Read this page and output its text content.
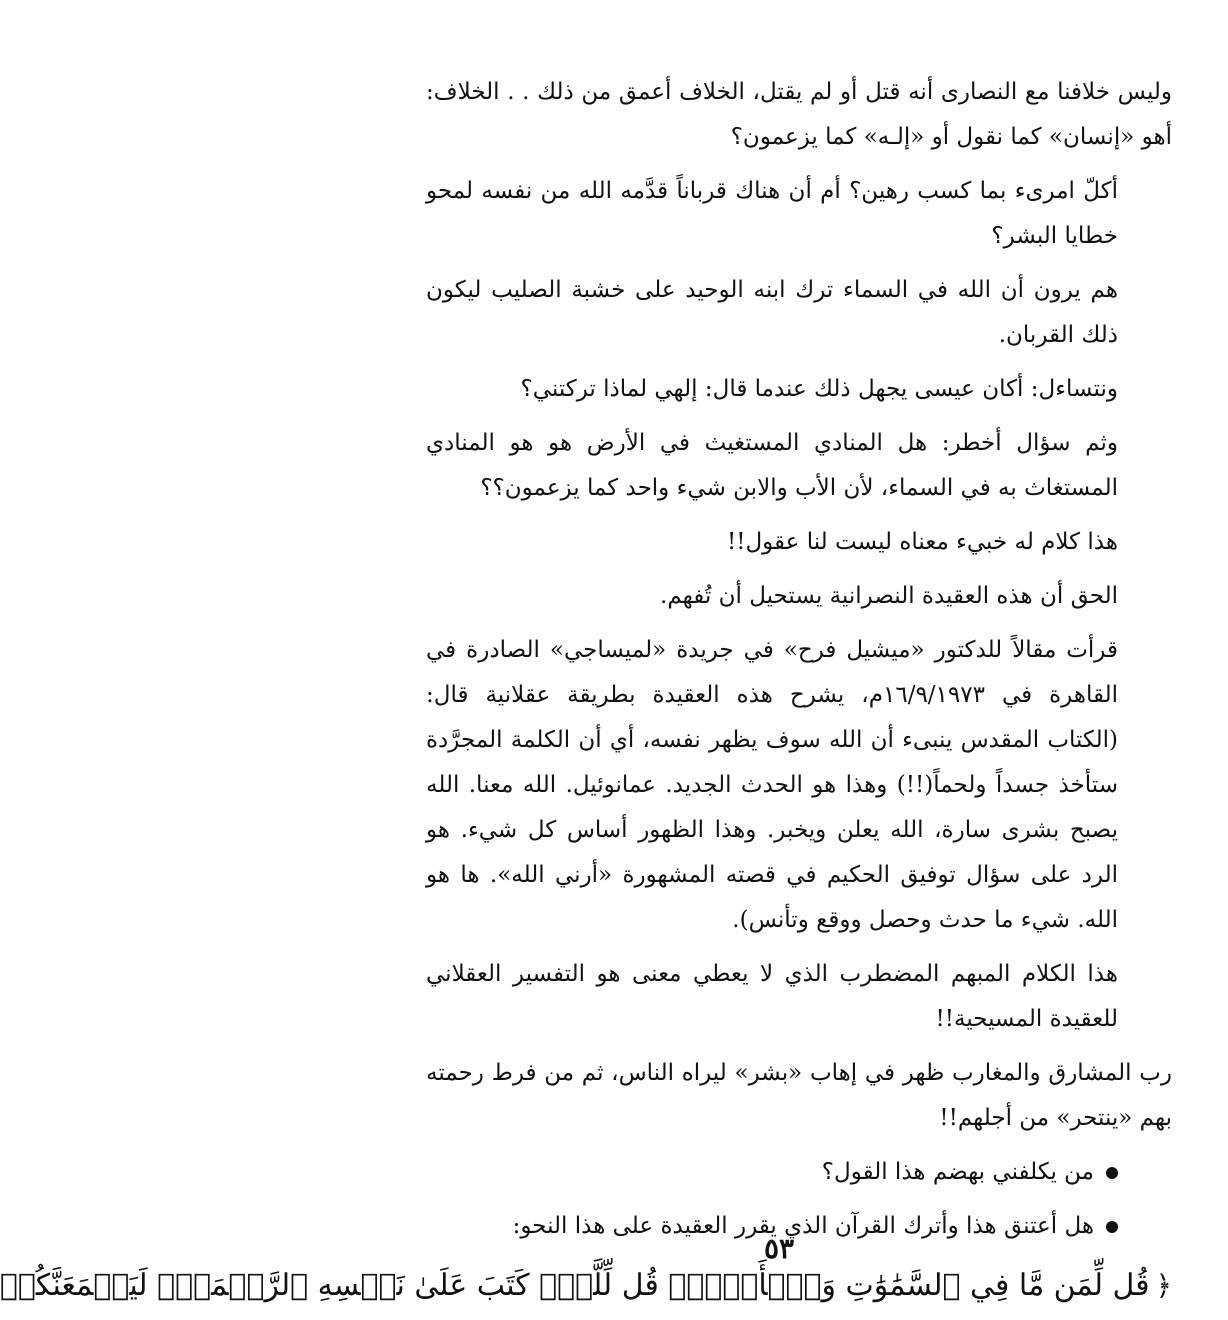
وليس خلافنا مع النصارى أنه قتل أو لم يقتل، الخلاف أعمق من ذلك . . الخلاف: أهو «إنسان» كما نقول أو «إلـه» كما يزعمون؟

أكلّ امرىء بما كسب رهين؟ أم أن هناك قرباناً قدَّمه الله من نفسه لمحو خطايا البشر؟

هم يرون أن الله في السماء ترك ابنه الوحيد على خشبة الصليب ليكون ذلك القربان.

ونتساءل: أكان عيسى يجهل ذلك عندما قال: إلهي لماذا تركتني؟

وثم سؤال أخطر: هل المنادي المستغيث في الأرض هو هو المنادي المستغاث به في السماء، لأن الأب والابن شيء واحد كما يزعمون؟؟

هذا كلام له خبيء معناه ليست لنا عقول!!

الحق أن هذه العقيدة النصرانية يستحيل أن تُفهم.

قرأت مقالاً للدكتور «ميشيل فرح» في جريدة «لميساجي» الصادرة في القاهرة في ١٦/٩/١٩٧٣م، يشرح هذه العقيدة بطريقة عقلانية قال: (الكتاب المقدس ينبىء أن الله سوف يظهر نفسه، أي أن الكلمة المجرَّدة ستأخذ جسداً ولحماً(!!) وهذا هو الحدث الجديد. عمانوئيل. الله معنا. الله يصبح بشرى سارة، الله يعلن ويخبر. وهذا الظهور أساس كل شيء. هو الرد على سؤال توفيق الحكيم في قصته المشهورة «أرني الله». ها هو الله. شيء ما حدث وحصل ووقع وتأنس).

هذا الكلام المبهم المضطرب الذي لا يعطي معنى هو التفسير العقلاني للعقيدة المسيحية!!

رب المشارق والمغارب ظهر في إهاب «بشر» ليراه الناس، ثم من فرط رحمته بهم «ينتحر» من أجلهم!!

من يكلفني بهضم هذا القول؟
هل أعتنق هذا وأترك القرآن الذي يقرر العقيدة على هذا النحو:
﴿قُل لِّمَن مَّا فِي ٱلسَّمَٰوَٰتِ وَٱلۡأَرۡضِۖ قُل لِّلَّهِۚ كَتَبَ عَلَىٰ نَفۡسِهِ ٱلرَّحۡمَةَۚ لَيَجۡمَعَنَّكُمۡ
٥٣
